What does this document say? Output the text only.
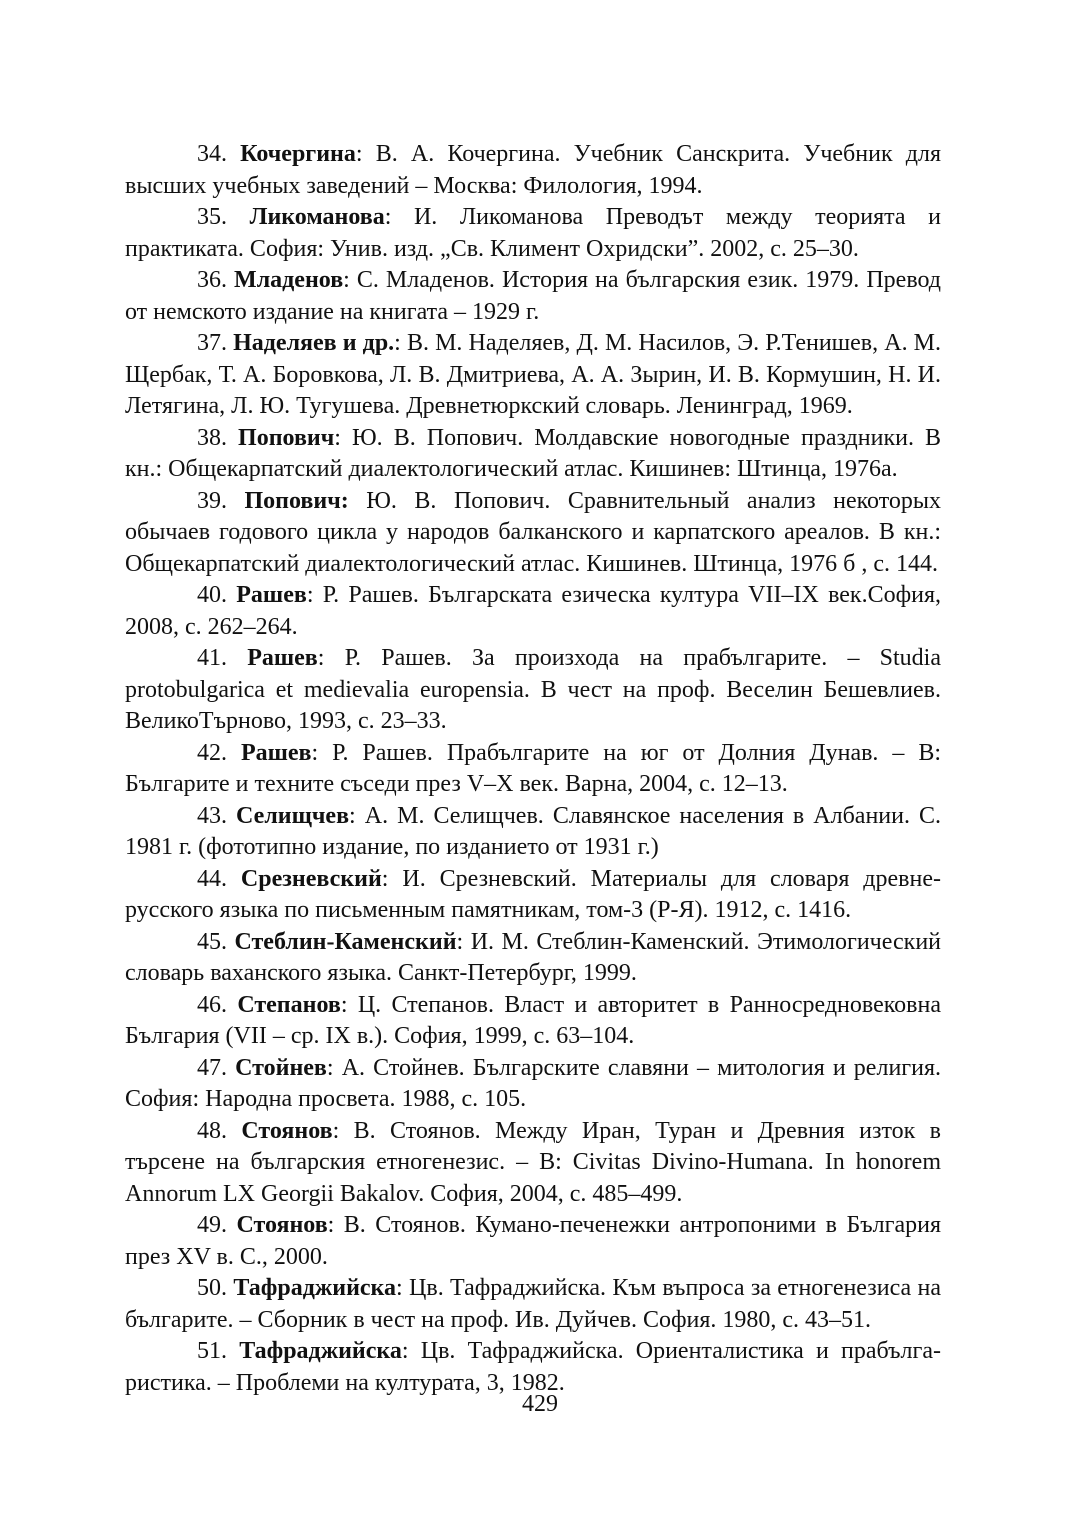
34. Кочергина: В. А. Кочергина. Учебник Санскрита. Учебник для высших учебных заведений – Москва: Филология, 1994.

35. Ликоманова: И. Ликоманова Преводът между теорията и практиката. София: Унив. изд. „Св. Климент Охридски”. 2002, с. 25–30.

36. Младенов: С. Младенов. История на българския език. 1979. Превод от немското издание на книгата – 1929 г.

37. Наделяев и др.: В. М. Наделяев, Д. М. Насилов, Э. Р.Тенишев, А. М. Щербак, Т. А. Боровкова, Л. В. Дмитриева, А. А. Зырин, И. В. Кормушин, Н. И. Летягина, Л. Ю. Тугушева. Древнетюркский словарь. Ленинград, 1969.

38. Попович: Ю. В. Попович. Молдавские новогодные праздники. В кн.: Общекарпатский диалектологический атлас. Кишинев: Штинца, 1976а.

39. Попович: Ю. В. Попович. Сравнительный анализ некоторых обычаев годового цикла у народов балканского и карпатского ареалов. В кн.: Общекарпатский диалектологический атлас. Кишинев. Штинца, 1976 б , с. 144.

40. Рашев: Р. Рашев. Българската езическа култура VII–IX век.София, 2008, с. 262–264.

41. Рашев: Р. Рашев. За произхода на прабългарите. – Studia protobulgarica et medievalia europensia. В чест на проф. Веселин Бешевлиев. ВеликоТърново, 1993, с. 23–33.

42. Рашев: Р. Рашев. Прабългарите на юг от Долния Дунав. – В: Българите и техните съседи през V–X век. Варна, 2004, с. 12–13.

43. Селищчев: А. М. Селищчев. Славянское населения в Албании. С. 1981 г. (фототипно издание, по изданието от 1931 г.)

44. Срезневский: И. Срезневский. Материалы для словаря древне-русского языка по письменным памятникам, том-3 (Р-Я). 1912, с. 1416.

45. Стеблин-Каменский: И. М. Стеблин-Каменский. Этимологический словарь ваханского языка. Санкт-Петербург, 1999.

46. Степанов: Ц. Степанов. Власт и авторитет в Ранносредновековна България (VII – ср. IX в.). София, 1999, с. 63–104.

47. Стойнев: А. Стойнев. Българските славяни – митология и религия. София: Народна просвета. 1988, с. 105.

48. Стоянов: В. Стоянов. Между Иран, Туран и Древния изток в търсене на българския етногенезис. – В: Civitas Divino-Humana. In honorem Annorum LX Georgii Bakalov. София, 2004, с. 485–499.

49. Стоянов: В. Стоянов. Кумано-печенежки антропоними в България през XV в. С., 2000.

50. Тафраджийска: Цв. Тафраджийска. Към въпроса за етногенезиса на българите. – Сборник в чест на проф. Ив. Дуйчев. София. 1980, с. 43–51.

51. Тафраджийска: Цв. Тафраджийска. Ориенталистика и прабълга-ристика. – Проблеми на културата, 3, 1982.

429
